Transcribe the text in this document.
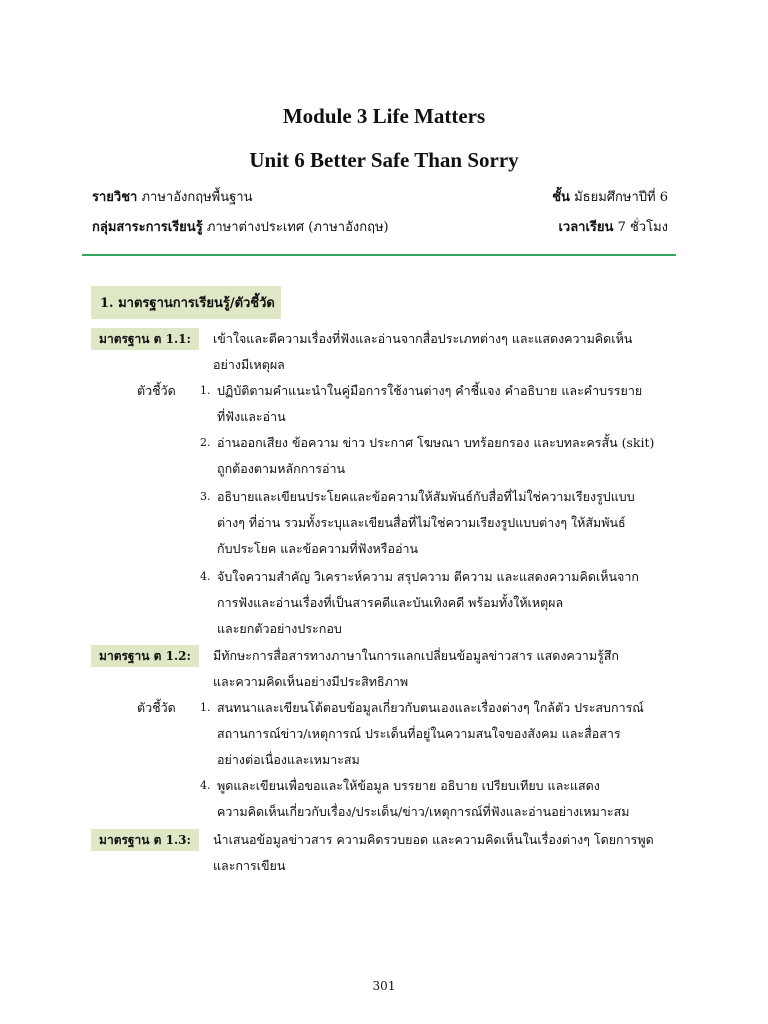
Module 3 Life Matters
Unit 6 Better Safe Than Sorry
รายวิชา ภาษาอังกฤษพื้นฐาน	ชั้น มัธยมศึกษาปีที่ 6
กลุ่มสาระการเรียนรู้ ภาษาต่างประเทศ (ภาษาอังกฤษ)	เวลาเรียน 7 ชั่วโมง
1. มาตรฐานการเรียนรู้/ตัวชี้วัด
มาตรฐาน ต 1.1:	เข้าใจและตีความเรื่องที่ฟังและอ่านจากสื่อประเภทต่างๆ และแสดงความคิดเห็น
อย่างมีเหตุผล
ตัวชี้วัด 1. ปฏิบัติตามคำแนะนำในคู่มือการใช้งานต่างๆ คำชี้แจง คำอธิบาย และคำบรรยาย
ที่ฟังและอ่าน
2. อ่านออกเสียง ข้อความ ข่าว ประกาศ โฆษณา บทร้อยกรอง และบทละครสั้น (skit)
ถูกต้องตามหลักการอ่าน
3. อธิบายและเขียนประโยคและข้อความให้สัมพันธ์กับสื่อที่ไม่ใช่ความเรียงรูปแบบ
ต่างๆ ที่อ่าน รวมทั้งระบุและเขียนสื่อที่ไม่ใช่ความเรียงรูปแบบต่างๆ ให้สัมพันธ์
กับประโยค และข้อความที่ฟังหรืออ่าน
4. จับใจความสำคัญ วิเคราะห์ความ สรุปความ ตีความ และแสดงความคิดเห็นจาก
การฟังและอ่านเรื่องที่เป็นสารคดีและบันเทิงคดี พร้อมทั้งให้เหตุผล
และยกตัวอย่างประกอบ
มาตรฐาน ต 1.2:	มีทักษะการสื่อสารทางภาษาในการแลกเปลี่ยนข้อมูลข่าวสาร แสดงความรู้สึก
และความคิดเห็นอย่างมีประสิทธิภาพ
ตัวชี้วัด 1. สนทนาและเขียนโต้ตอบข้อมูลเกี่ยวกับตนเองและเรื่องต่างๆ ใกล้ตัว ประสบการณ์
สถานการณ์ข่าว/เหตุการณ์ ประเด็นที่อยู่ในความสนใจของสังคม และสื่อสาร
อย่างต่อเนื่องและเหมาะสม
4. พูดและเขียนเพื่อขอและให้ข้อมูล บรรยาย อธิบาย เปรียบเทียบ และแสดง
ความคิดเห็นเกี่ยวกับเรื่อง/ประเด็น/ข่าว/เหตุการณ์ที่ฟังและอ่านอย่างเหมาะสม
มาตรฐาน ต 1.3:	นำเสนอข้อมูลข่าวสาร ความคิดรวบยอด และความคิดเห็นในเรื่องต่างๆ โดยการพูด
และการเขียน
301
